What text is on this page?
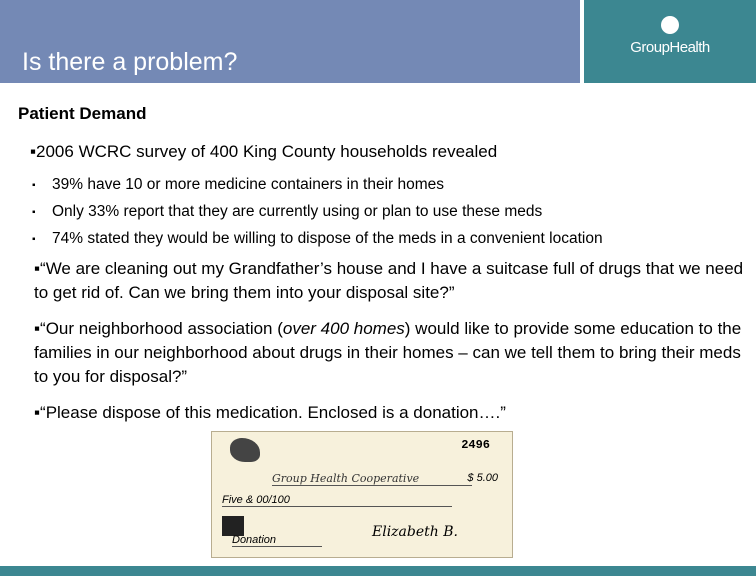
Is there a problem?
GroupHealth
Patient Demand
▪2006 WCRC survey of 400 King County households revealed
▪ 39% have 10 or more medicine containers in their homes
▪ Only 33% report that they are currently using or plan to use these meds
▪ 74% stated they would be willing to dispose of the meds in a convenient location
▪“We are cleaning out my Grandfather’s house and I have a suitcase full of drugs that we need to get rid of. Can we bring them into your disposal site?”
▪“Our neighborhood association (over 400 homes) would like to provide some education to the families in our neighborhood about drugs in their homes – can we tell them to bring their meds to you for disposal?”
▪“Please dispose of this medication. Enclosed is a donation….”
2496
Group Health Cooperative	$ 5.00
Five & 00/100
Donation	Elizabeth B.
